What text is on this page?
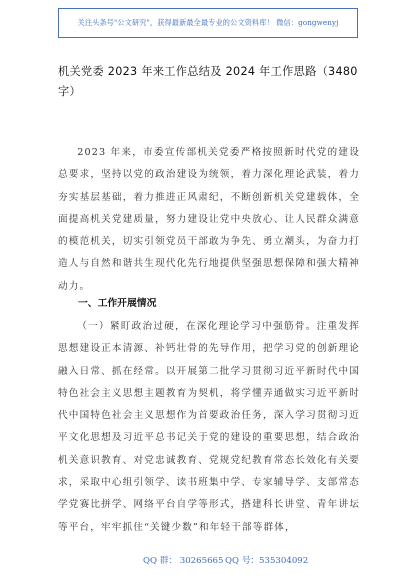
关注头条号"公文研究"，获得最新最全最专业的公文资料库！ 微信：gongwenyj
机关党委 2023 年来工作总结及 2024 年工作思路（3480 字）
2023 年来，市委宣传部机关党委严格按照新时代党的建设总要求，坚持以党的政治建设为统领，着力深化理论武装，着力夯实基层基础，着力推进正风肃纪，不断创新机关党建载体，全面提高机关党建质量，努力建设让党中央放心、让人民群众满意的模范机关，切实引领党员干部敢为争先、勇立潮头，为奋力打造人与自然和谐共生现代化先行地提供坚强思想保障和强大精神动力。
一、工作开展情况
（一）紧盯政治过硬，在深化理论学习中强筋骨。注重发挥思想建设正本清源、补钙壮骨的先导作用，把学习党的创新理论融入日常、抓在经常。以开展第二批学习贯彻习近平新时代中国特色社会主义思想主题教育为契机，将学懂弄通做实习近平新时代中国特色社会主义思想作为首要政治任务，深入学习贯彻习近平文化思想及习近平总书记关于党的建设的重要思想，结合政治机关意识教育、对党忠诚教育、党规党纪教育常态长效化有关要求，采取中心组引领学、读书班集中学、专家辅导学、支部常态学党赛比拼学、网络平台自学等形式，搭建科长讲堂、青年讲坛等平台，牢牢抓住“关键少数”和年轻干部等群体，
QQ 群： 30265665 QQ 号：535304092
